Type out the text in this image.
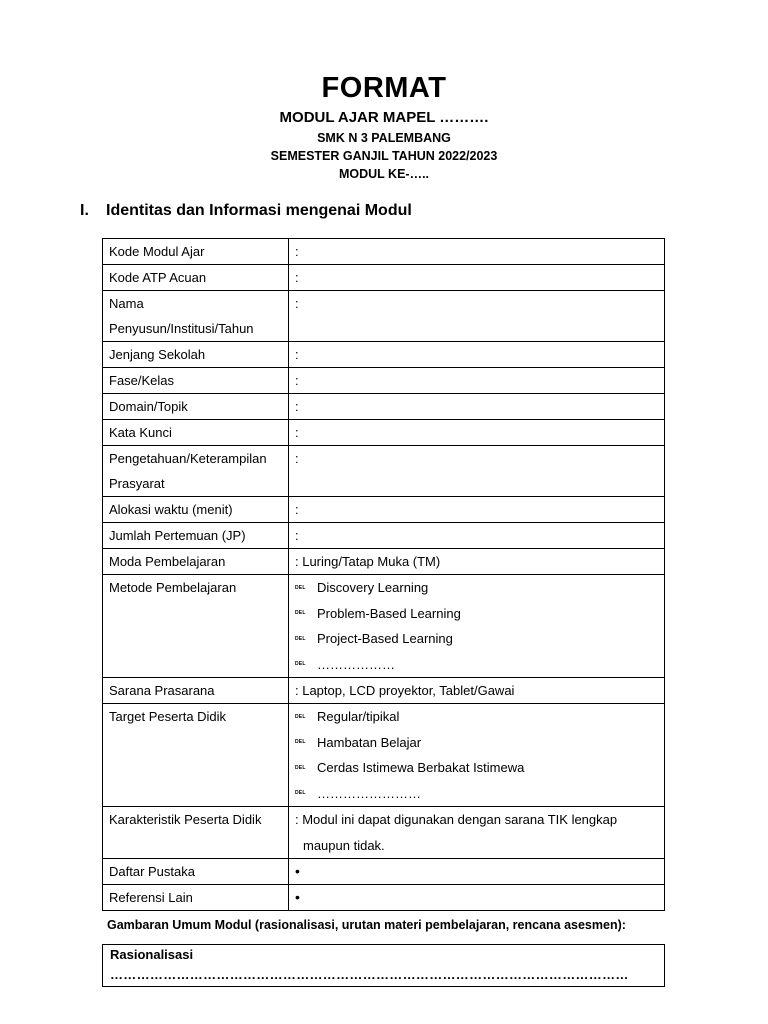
FORMAT
MODUL AJAR MAPEL ……….
SMK N 3 PALEMBANG
SEMESTER GANJIL TAHUN 2022/2023
MODUL KE-…..
I. Identitas dan Informasi mengenai Modul
Kode Modul Ajar	:
Kode ATP Acuan	:
Nama Penyusun/Institusi/Tahun	:
Jenjang Sekolah	:
Fase/Kelas	:
Domain/Topik	:
Kata Kunci	:
Pengetahuan/Keterampilan Prasyarat	:
Alokasi waktu (menit)	:
Jumlah Pertemuan (JP)	:
Moda Pembelajaran	: Luring/Tatap Muka (TM)
Metode Pembelajaran	DEL Discovery Learning
DEL Problem-Based Learning
DEL Project-Based Learning
DEL ………………

Sarana Prasarana	: Laptop, LCD proyektor, Tablet/Gawai
Target Peserta Didik	DEL Regular/tipikal
DEL Hambatan Belajar
DEL Cerdas Istimewa Berbakat Istimewa
DEL ……………………

Karakteristik Peserta Didik	: Modul ini dapat digunakan dengan sarana TIK lengkap
maupun tidak.

Daftar Pustaka	•
Referensi Lain	•
Gambaran Umum Modul (rasionalisasi, urutan materi pembelajaran, rencana asesmen):
Rasionalisasi
………………………………………………………………………………………………………
